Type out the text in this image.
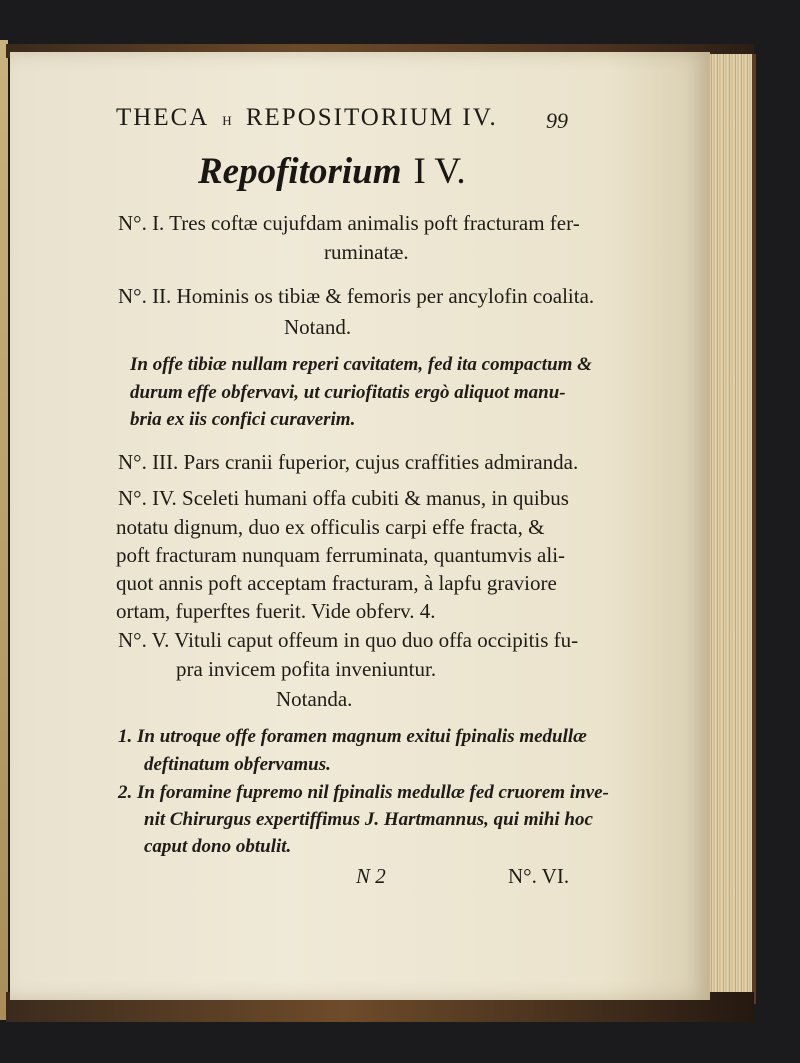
THECA H REPOSITORIUM IV.	99
Repofitorium I V.
N°. I. Tres coftæ cujufdam animalis poft fracturam fer-
ruminatæ.
N°. II. Hominis os tibiæ & femoris per ancylofin coalita.
Notand.
In offe tibiæ nullam reperi cavitatem, fed ita compactum &
durum effe obfervavi, ut curiofitatis ergò aliquot manu-
bria ex iis confici curaverim.
N°. III. Pars cranii fuperior, cujus craffities admiranda.
N°. IV. Sceleti humani offa cubiti & manus, in quibus
notatu dignum, duo ex officulis carpi effe fracta, &
poft fracturam nunquam ferruminata, quantumvis ali-
quot annis poft acceptam fracturam, à lapfu graviore
ortam, fuperftes fuerit. Vide obferv. 4.
N°. V. Vituli caput offeum in quo duo offa occipitis fu-
pra invicem pofita inveniuntur.
Notanda.
1. In utroque offe foramen magnum exitui fpinalis medullæ
deftinatum obfervamus.
2. In foramine fupremo nil fpinalis medullæ fed cruorem inve-
nit Chirurgus expertiffimus J. Hartmannus, qui mihi hoc
caput dono obtulit.
N 2	N°. VI.
